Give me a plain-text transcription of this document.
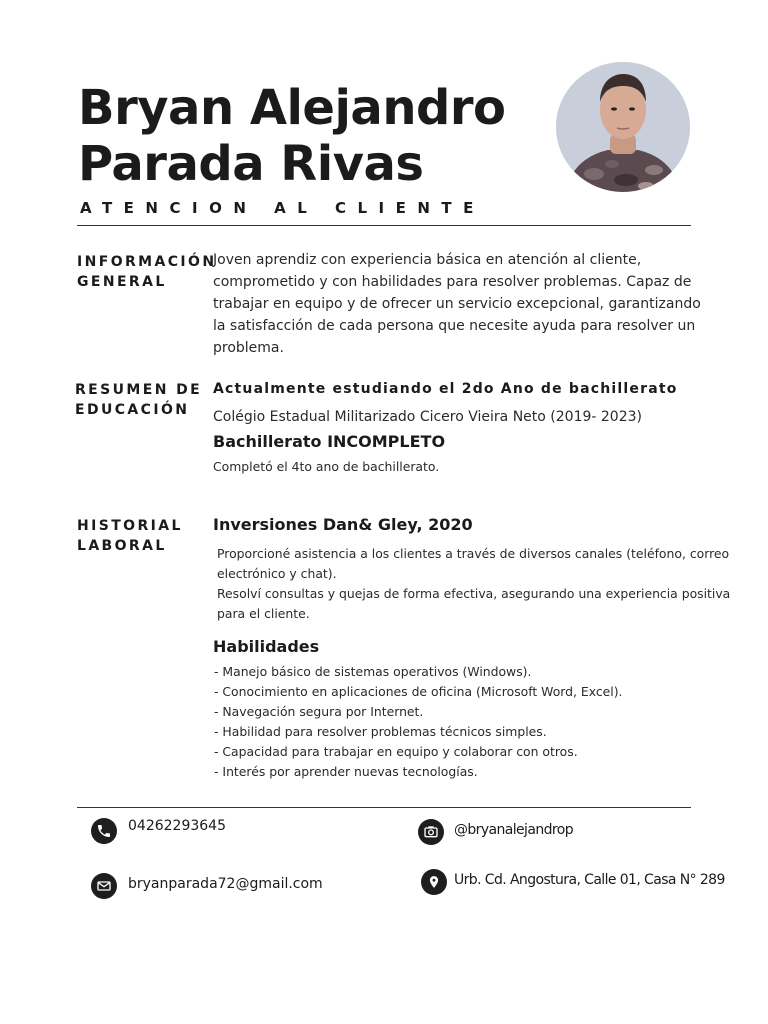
Bryan Alejandro
Parada Rivas
ATENCION AL CLIENTE
INFORMACIÓN
GENERAL
Joven aprendiz con experiencia básica en atención al cliente,
comprometido y con habilidades para resolver problemas. Capaz de
trabajar en equipo y de ofrecer un servicio excepcional, garantizando
la satisfacción de cada persona que necesite ayuda para resolver un
problema.
RESUMEN DE
EDUCACIÓN
Actualmente estudiando el 2do Ano de bachillerato
Colégio Estadual Militarizado Cicero Vieira Neto (2019- 2023)
Bachillerato INCOMPLETO
Completó el 4to ano de bachillerato.
HISTORIAL
LABORAL
Inversiones Dan& Gley, 2020

Proporcioné asistencia a los clientes a través de diversos canales (teléfono, correo

electrónico y chat).

Resolví consultas y quejas de forma efectiva, asegurando una experiencia positiva

para el cliente.

Habilidades
- Manejo básico de sistemas operativos (Windows).
- Conocimiento en aplicaciones de oficina (Microsoft Word, Excel).
- Navegación segura por Internet.
- Habilidad para resolver problemas técnicos simples.
- Capacidad para trabajar en equipo y colaborar con otros.
- Interés por aprender nuevas tecnologías.
04262293645
bryanparada72@gmail.com
@bryanalejandrop
Urb. Cd. Angostura, Calle 01, Casa N° 289
